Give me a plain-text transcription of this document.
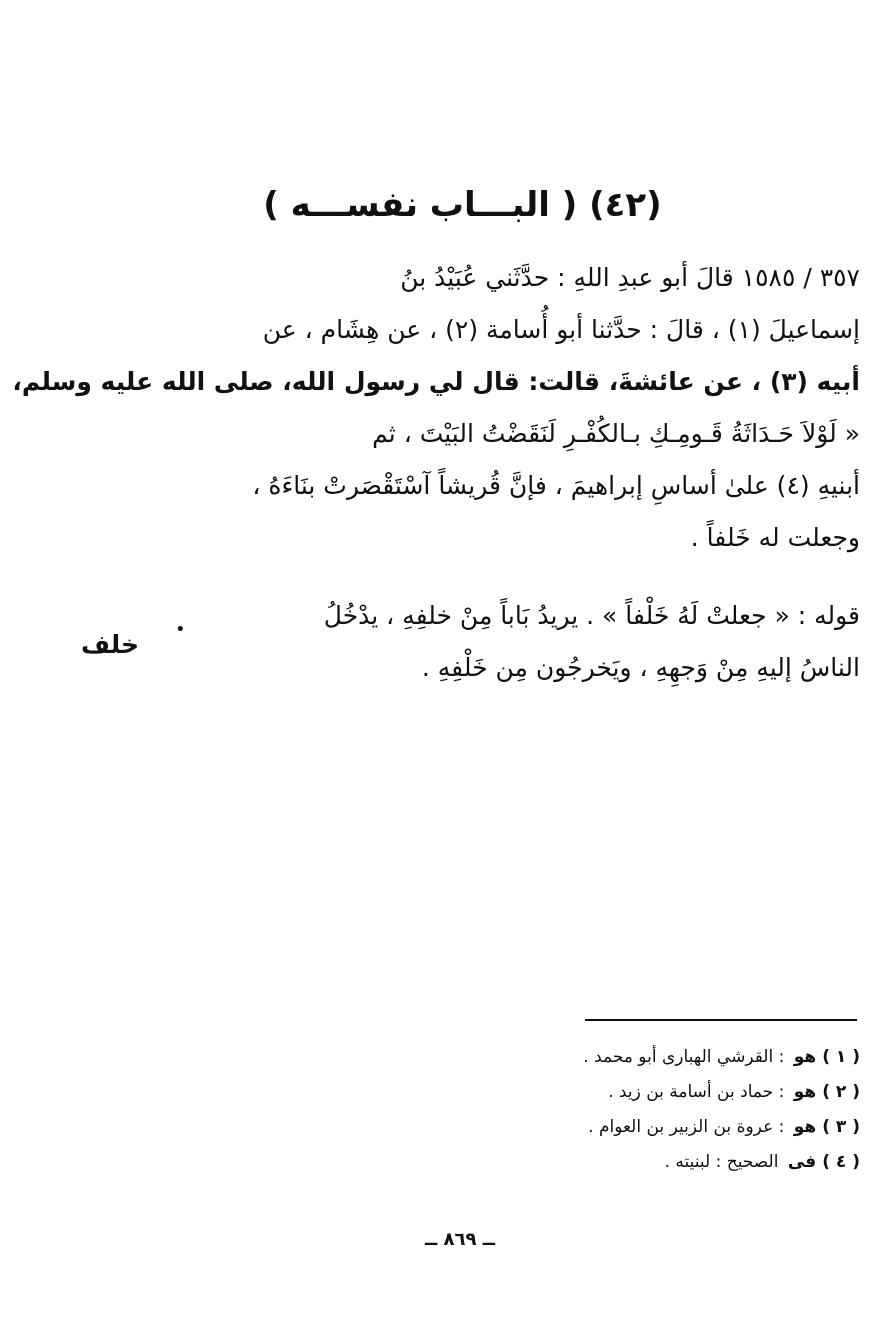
(٤٢) ( البـــاب نفســـه )
٣٥٧ / ١٥٨٥ قالَ أبو عبدِ اللهِ : حدَّثَني عُبَيْدُ بنُ
إسماعيلَ (١) ، قالَ : حدَّثنا أبو أُسامة (٢) ، عن هِشَام ، عن
أبيه (٣) ، عن عائشةَ، قالت: قال لي رسول الله، صلى الله عليه وسلم،
« لَوْلاَ حَـدَاثَةُ قَـومِـكِ بـالكُفْـرِ لَنَقَضْتُ البَيْتَ ، ثم
أبنيهِ (٤) علىٰ أساسِ إبراهيمَ ، فإنَّ قُريشاً آسْتَقْصَرتْ بنَاءَهُ ،
وجعلت له خَلفاً .
قوله : « جعلتْ لَهُ خَلْفاً » . يريدُ بَاباً مِنْ خلفِهِ ، يدْخُلُ
الناسُ إليهِ مِنْ وَجهِهِ ، ويَخرجُون مِن خَلْفِهِ .
•
خلف
( ١ )هو : القرشي الهبارى أبو محمد .
( ٢ )هو : حماد بن أسامة بن زيد .
( ٣ )هو : عروة بن الزبير بن العوام .
( ٤ )فى الصحيح : لبنيته .
ــ ٨٦٩ ــ
